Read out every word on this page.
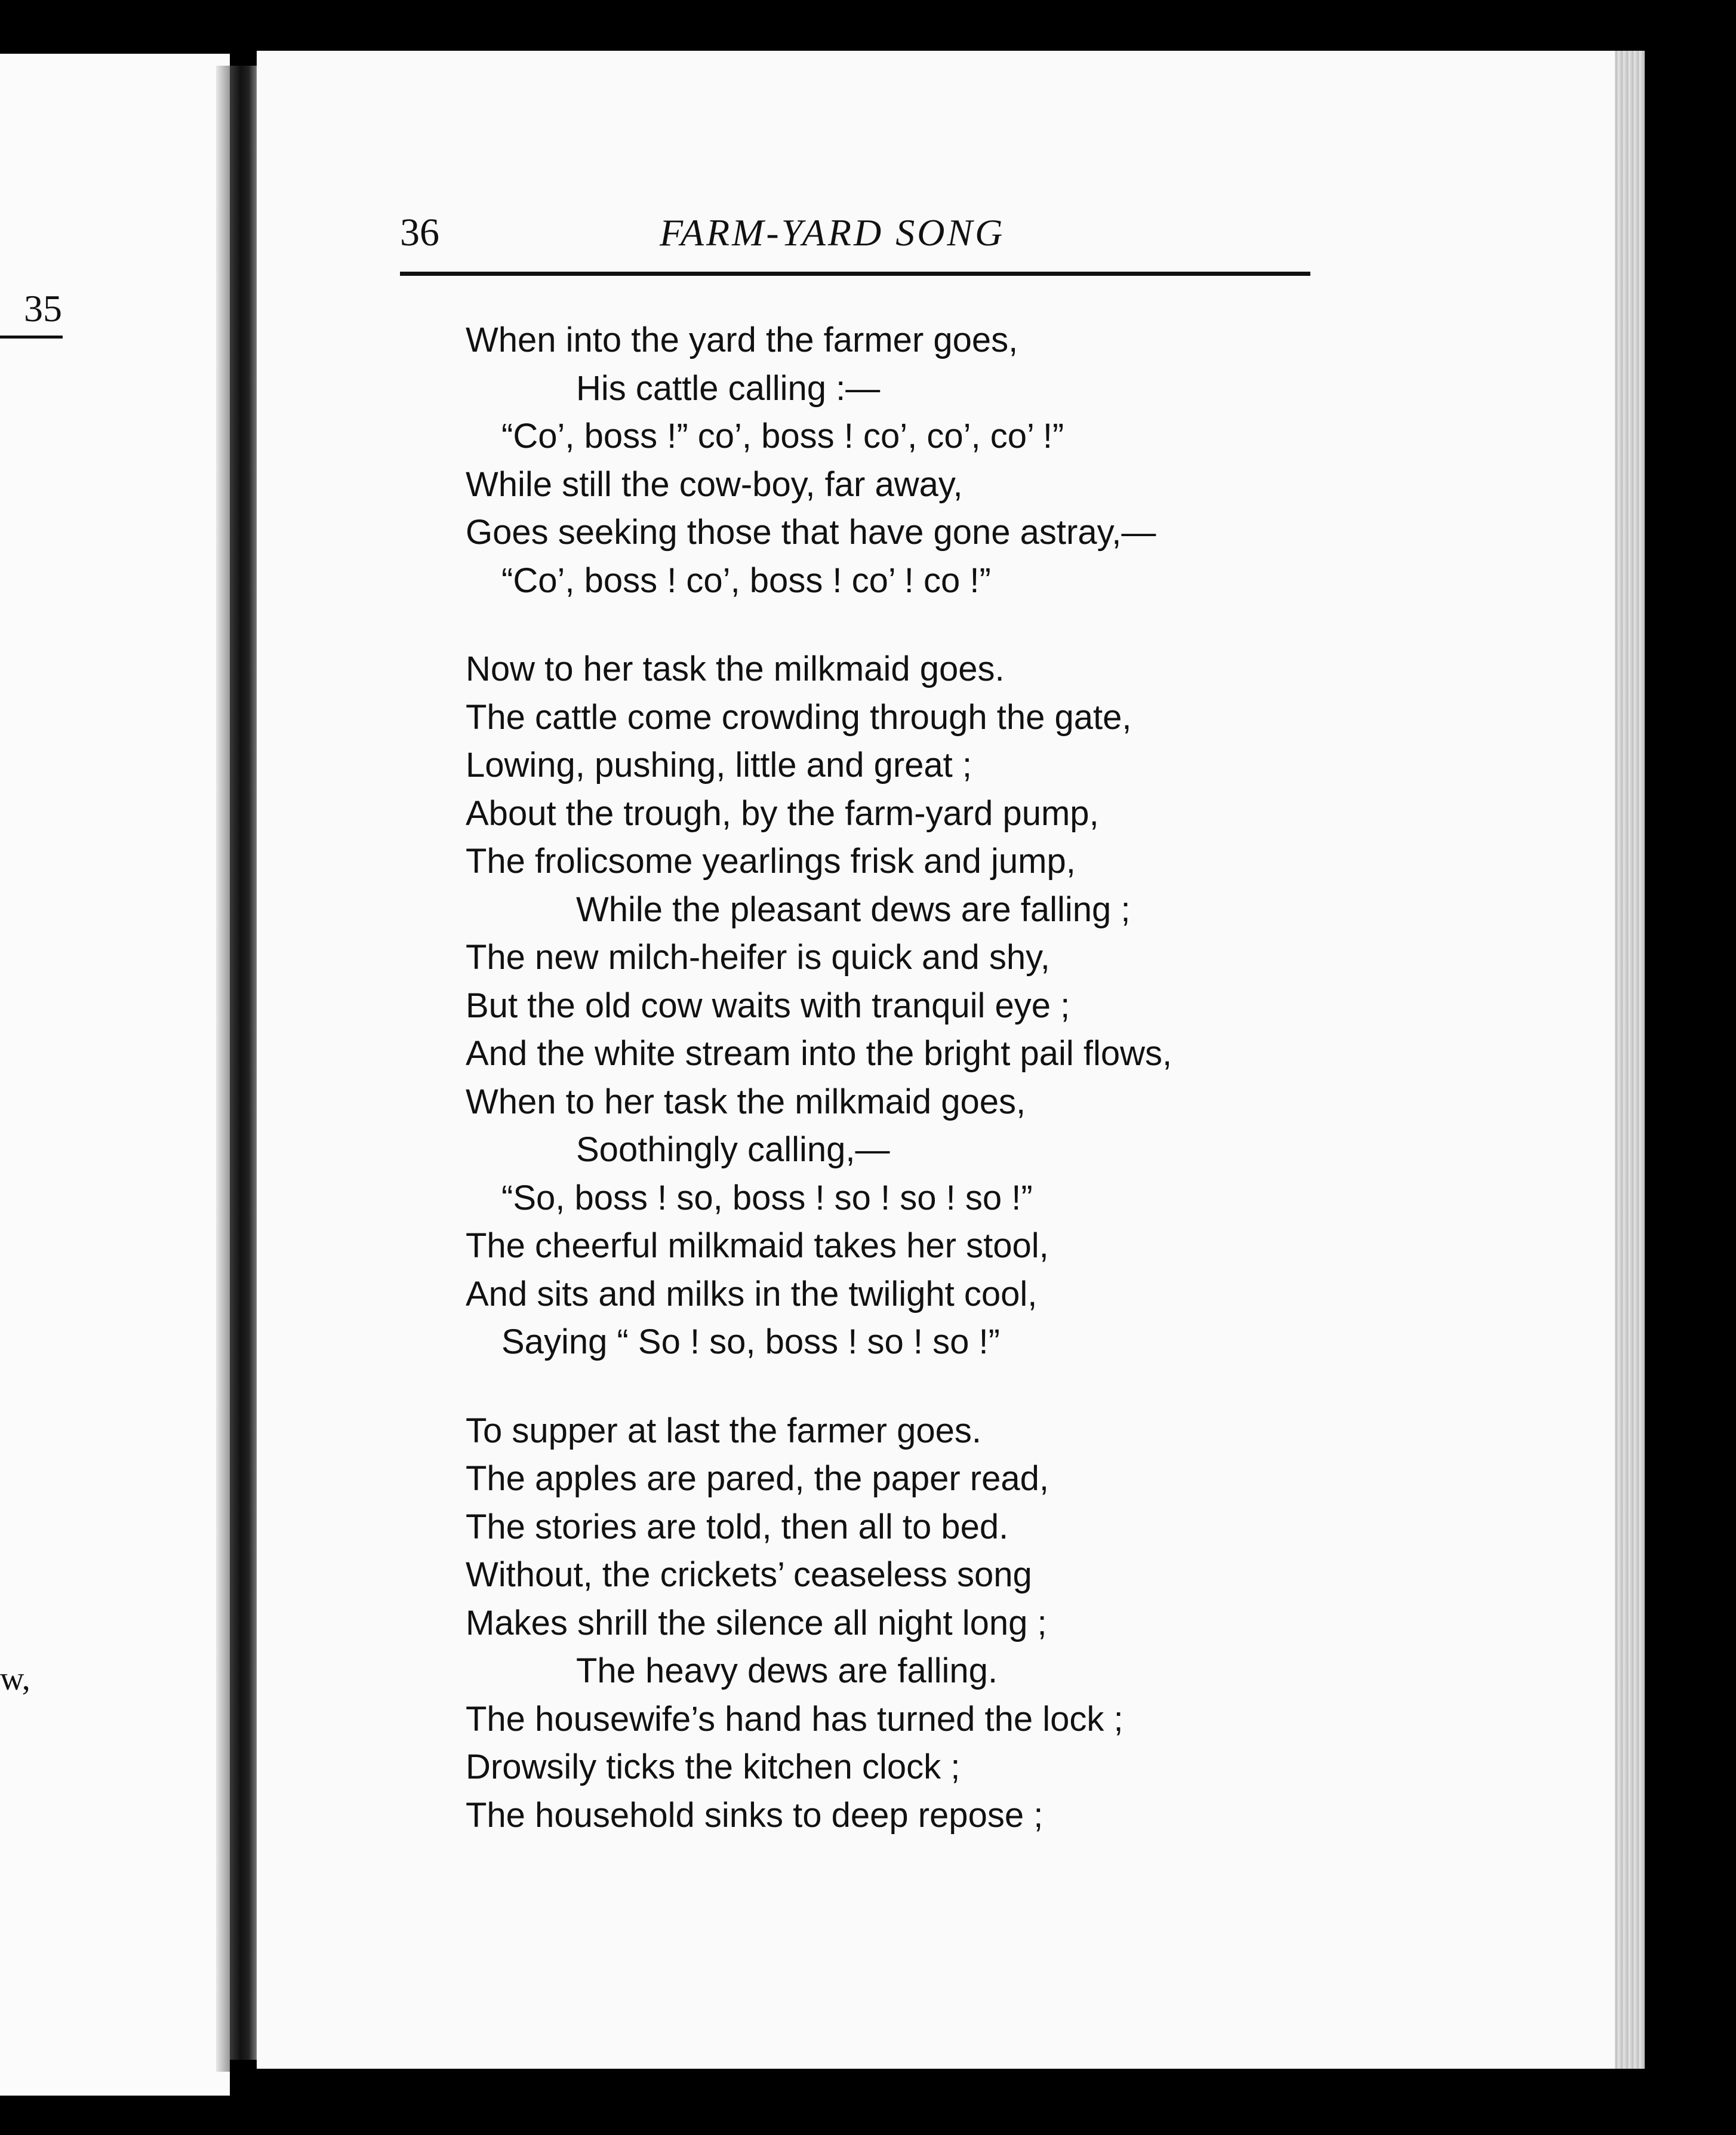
35
w,
36	FARM-YARD SONG
When into the yard the farmer goes,
His cattle calling :—
“Co’, boss !” co’, boss ! co’, co’, co’ !”
While still the cow-boy, far away,
Goes seeking those that have gone astray,—
“Co’, boss ! co’, boss ! co’ ! co !”
Now to her task the milkmaid goes.
The cattle come crowding through the gate,
Lowing, pushing, little and great ;
About the trough, by the farm-yard pump,
The frolicsome yearlings frisk and jump,
While the pleasant dews are falling ;
The new milch-heifer is quick and shy,
But the old cow waits with tranquil eye ;
And the white stream into the bright pail flows,
When to her task the milkmaid goes,
Soothingly calling,—
“So, boss ! so, boss ! so ! so ! so !”
The cheerful milkmaid takes her stool,
And sits and milks in the twilight cool,
Saying “ So ! so, boss ! so ! so !”
To supper at last the farmer goes.
The apples are pared, the paper read,
The stories are told, then all to bed.
Without, the crickets’ ceaseless song
Makes shrill the silence all night long ;
The heavy dews are falling.
The housewife’s hand has turned the lock ;
Drowsily ticks the kitchen clock ;
The household sinks to deep repose ;
